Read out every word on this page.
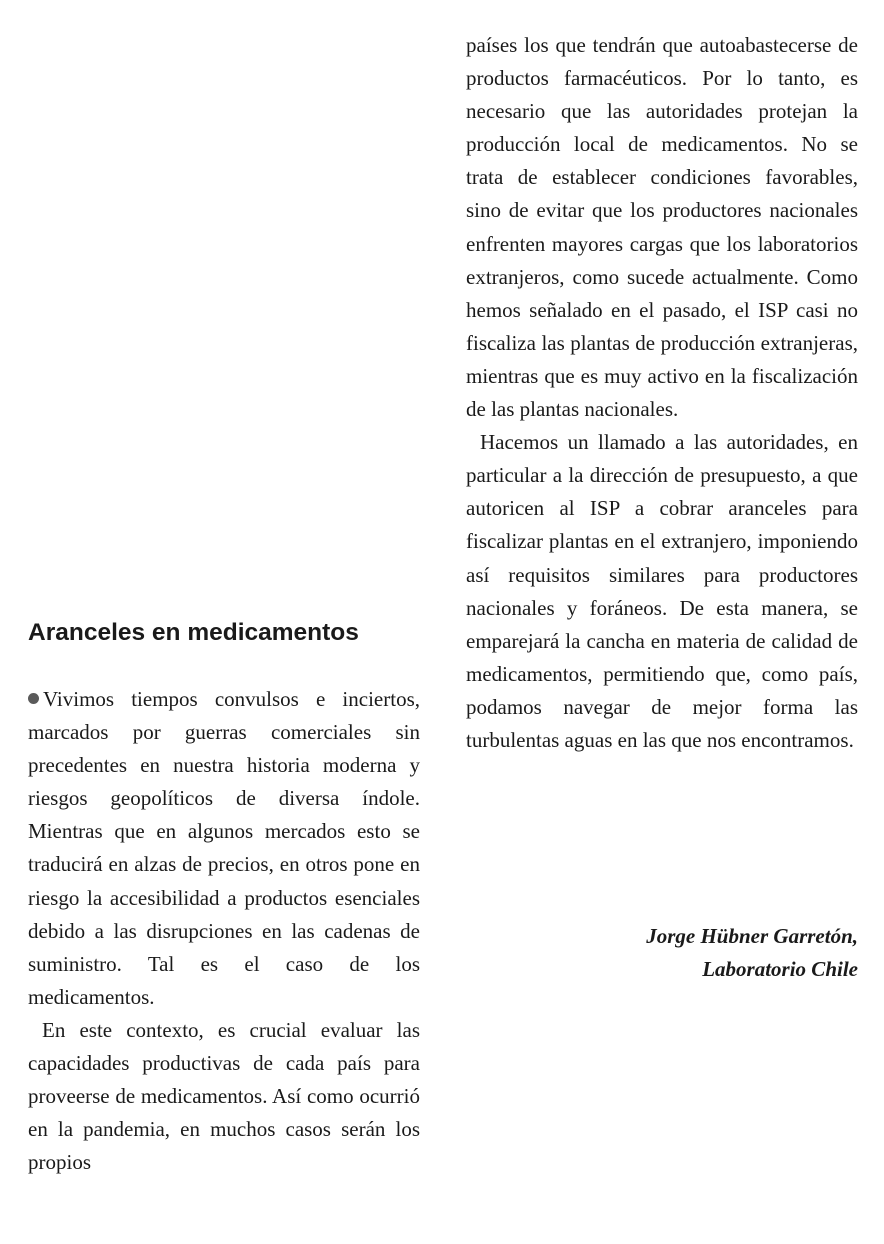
Aranceles en medicamentos

Vivimos tiempos convulsos e inciertos, marcados por guerras comerciales sin precedentes en nuestra historia moderna y riesgos geopolíticos de diversa índole. Mientras que en algunos mercados esto se traducirá en alzas de precios, en otros pone en riesgo la accesibilidad a productos esenciales debido a las disrupciones en las cadenas de suministro. Tal es el caso de los medicamentos.

En este contexto, es crucial evaluar las capacidades productivas de cada país para proveerse de medicamentos. Así como ocurrió en la pandemia, en muchos casos serán los propios

países los que tendrán que autoabastecerse de productos farmacéuticos. Por lo tanto, es necesario que las autoridades protejan la producción local de medicamentos. No se trata de establecer condiciones favorables, sino de evitar que los productores nacionales enfrenten mayores cargas que los laboratorios extranjeros, como sucede actualmente. Como hemos señalado en el pasado, el ISP casi no fiscaliza las plantas de producción extranjeras, mientras que es muy activo en la fiscalización de las plantas nacionales.

Hacemos un llamado a las autoridades, en particular a la dirección de presupuesto, a que autoricen al ISP a cobrar aranceles para fiscalizar plantas en el extranjero, imponiendo así requisitos similares para productores nacionales y foráneos. De esta manera, se emparejará la cancha en materia de calidad de medicamentos, permitiendo que, como país, podamos navegar de mejor forma las turbulentas aguas en las que nos encontramos.

Jorge Hübner Garretón,
Laboratorio Chile
